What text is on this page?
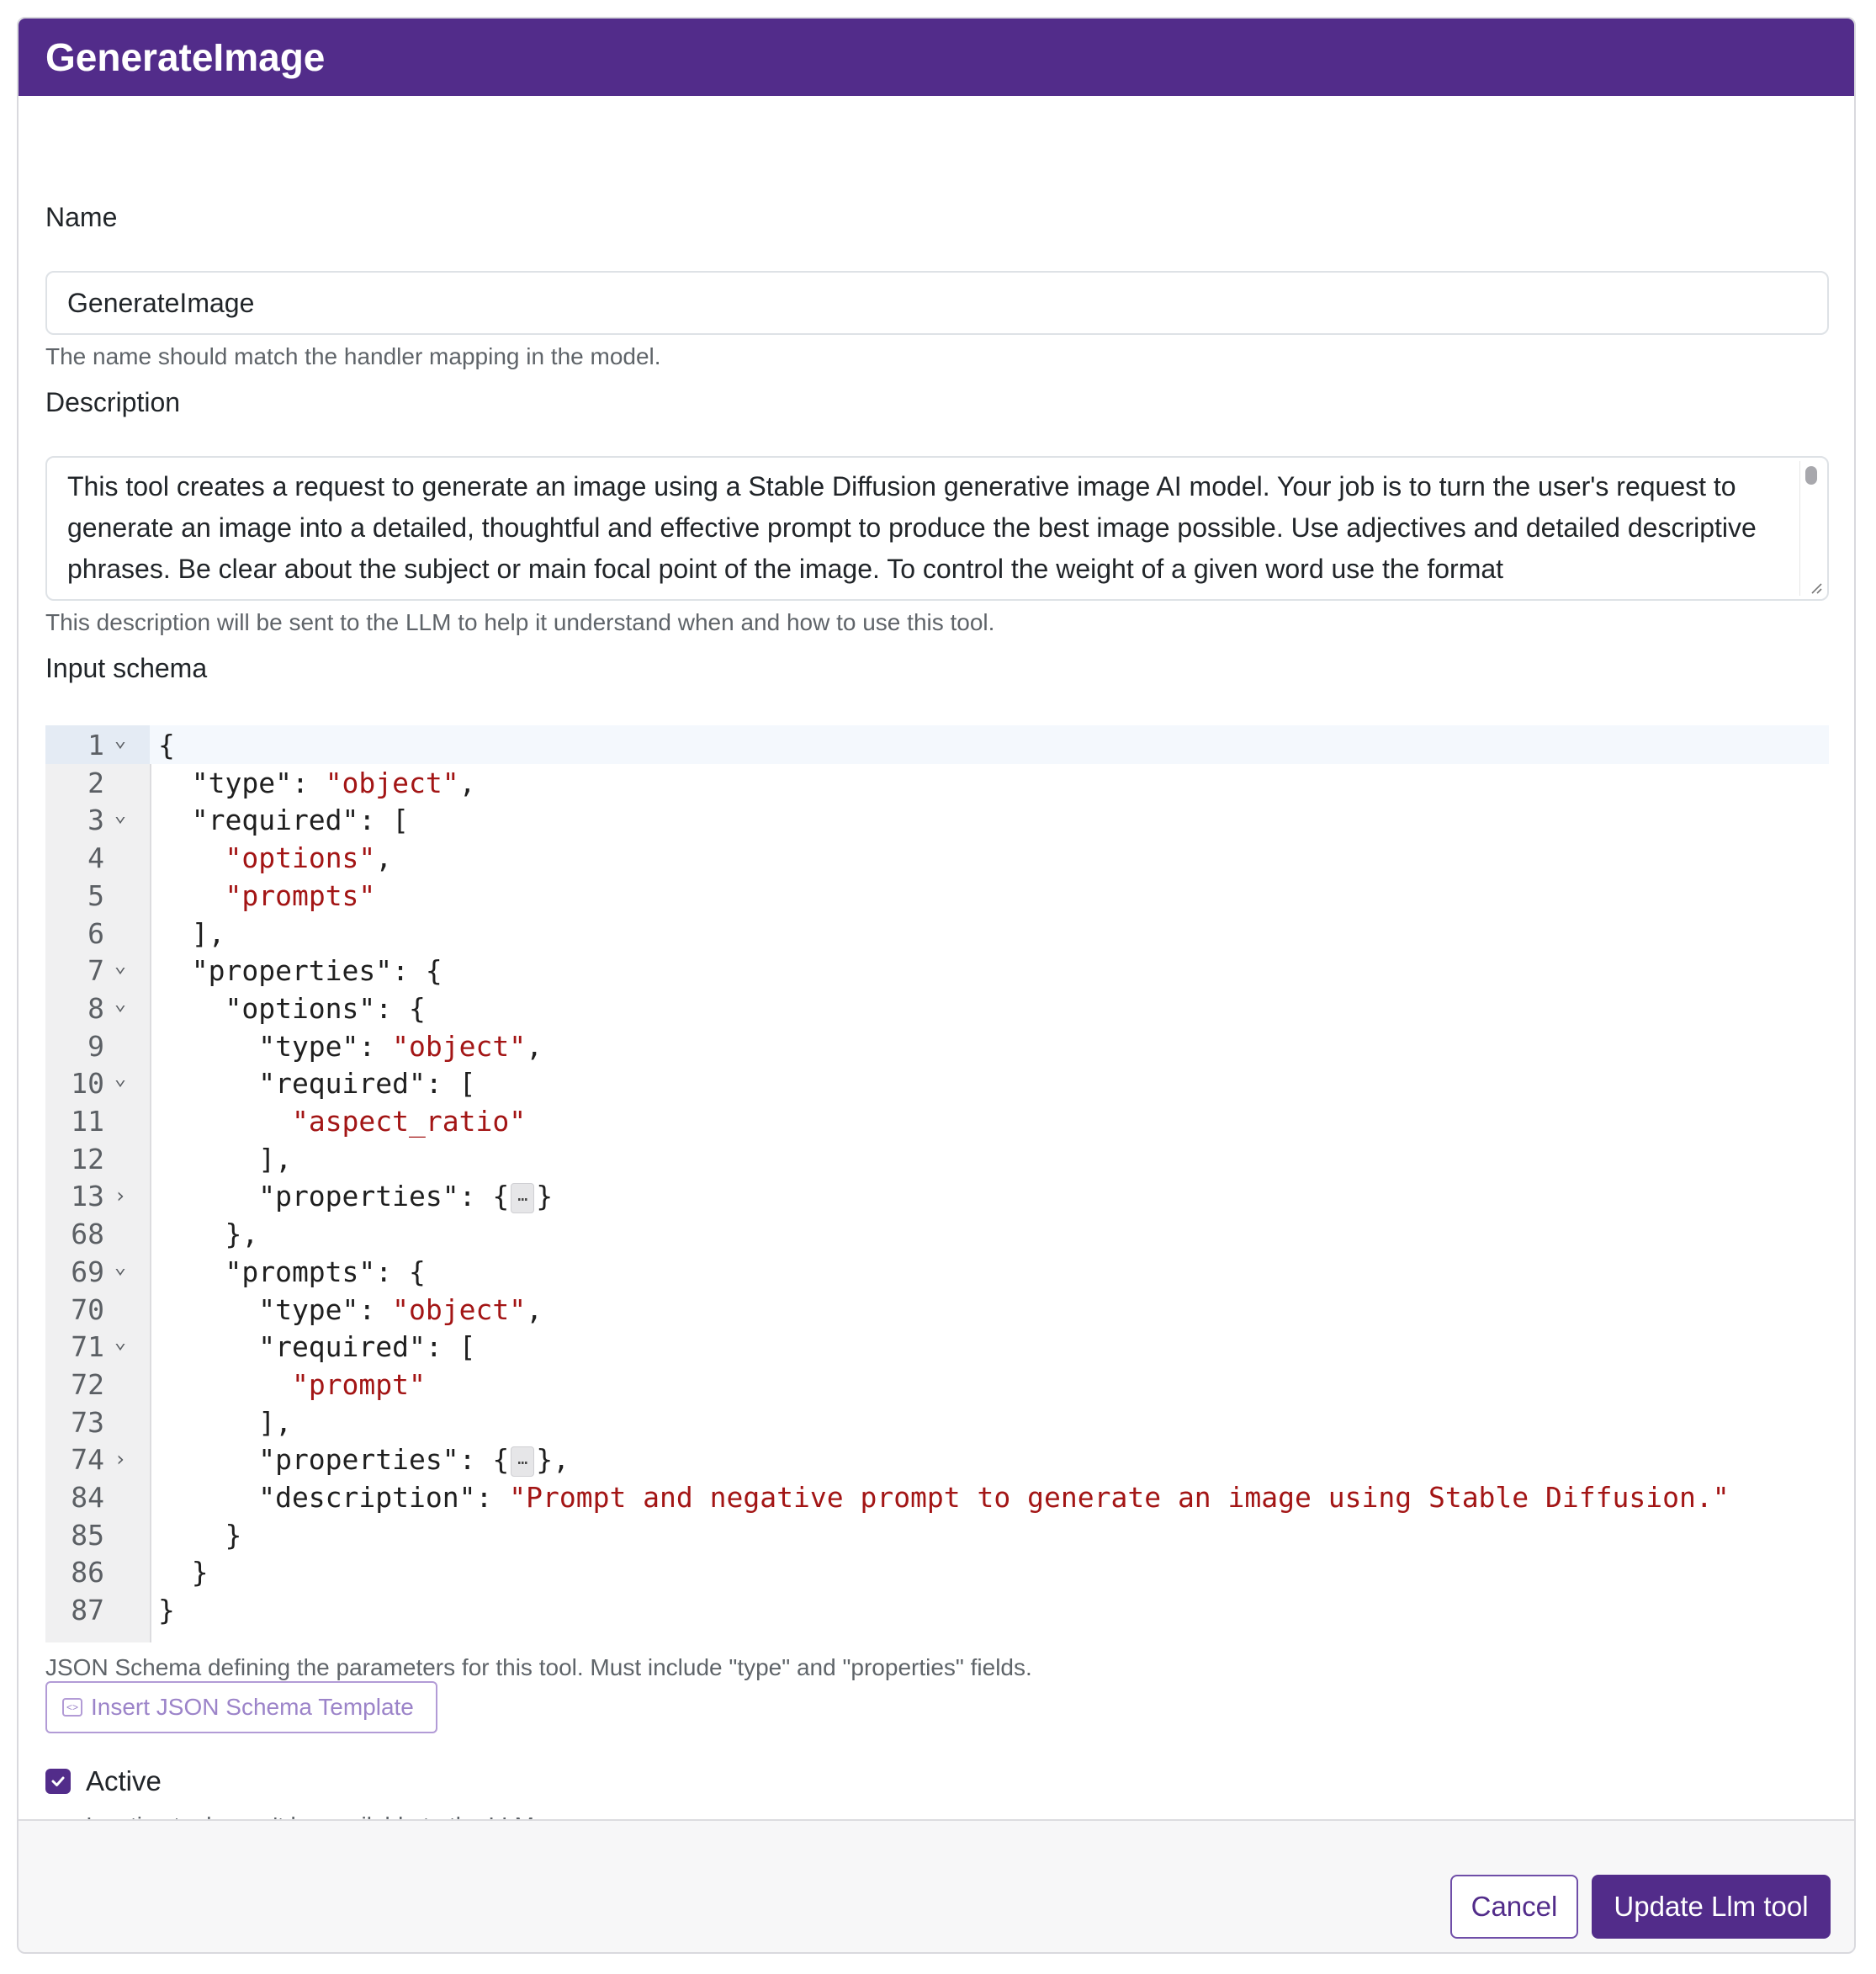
GenerateImage
Name
GenerateImage
The name should match the handler mapping in the model.
Description
This tool creates a request to generate an image using a Stable Diffusion generative image AI model. Your job is to turn the user's request to generate an image into a detailed, thoughtful and effective prompt to produce the best image possible. Use adjectives and detailed descriptive phrases. Be clear about the subject or main focal point of the image. To control the weight of a given word use the format
This description will be sent to the LLM to help it understand when and how to use this tool.
Input schema
1 ⌄ {
2 "type": "object",
3 ⌄ "required": [
4	"options",
5	"prompts"
6 ],
7 ⌄ "properties": {
8 ⌄ "options": {
9 "type": "object",
10 ⌄ "required": [
11	"aspect_ratio"
12 ],
13 › "properties": { … }
68 },
69 ⌄ "prompts": {
70 "type": "object",
71 ⌄ "required": [
72	"prompt"
73 ],
74 › "properties": { … },
84 "description": "Prompt and negative prompt to generate an image using Stable Diffusion."
85 }
86 }
87 }
JSON Schema defining the parameters for this tool. Must include "type" and "properties" fields.
<> Insert JSON Schema Template
Active
Cancel Update Llm tool
